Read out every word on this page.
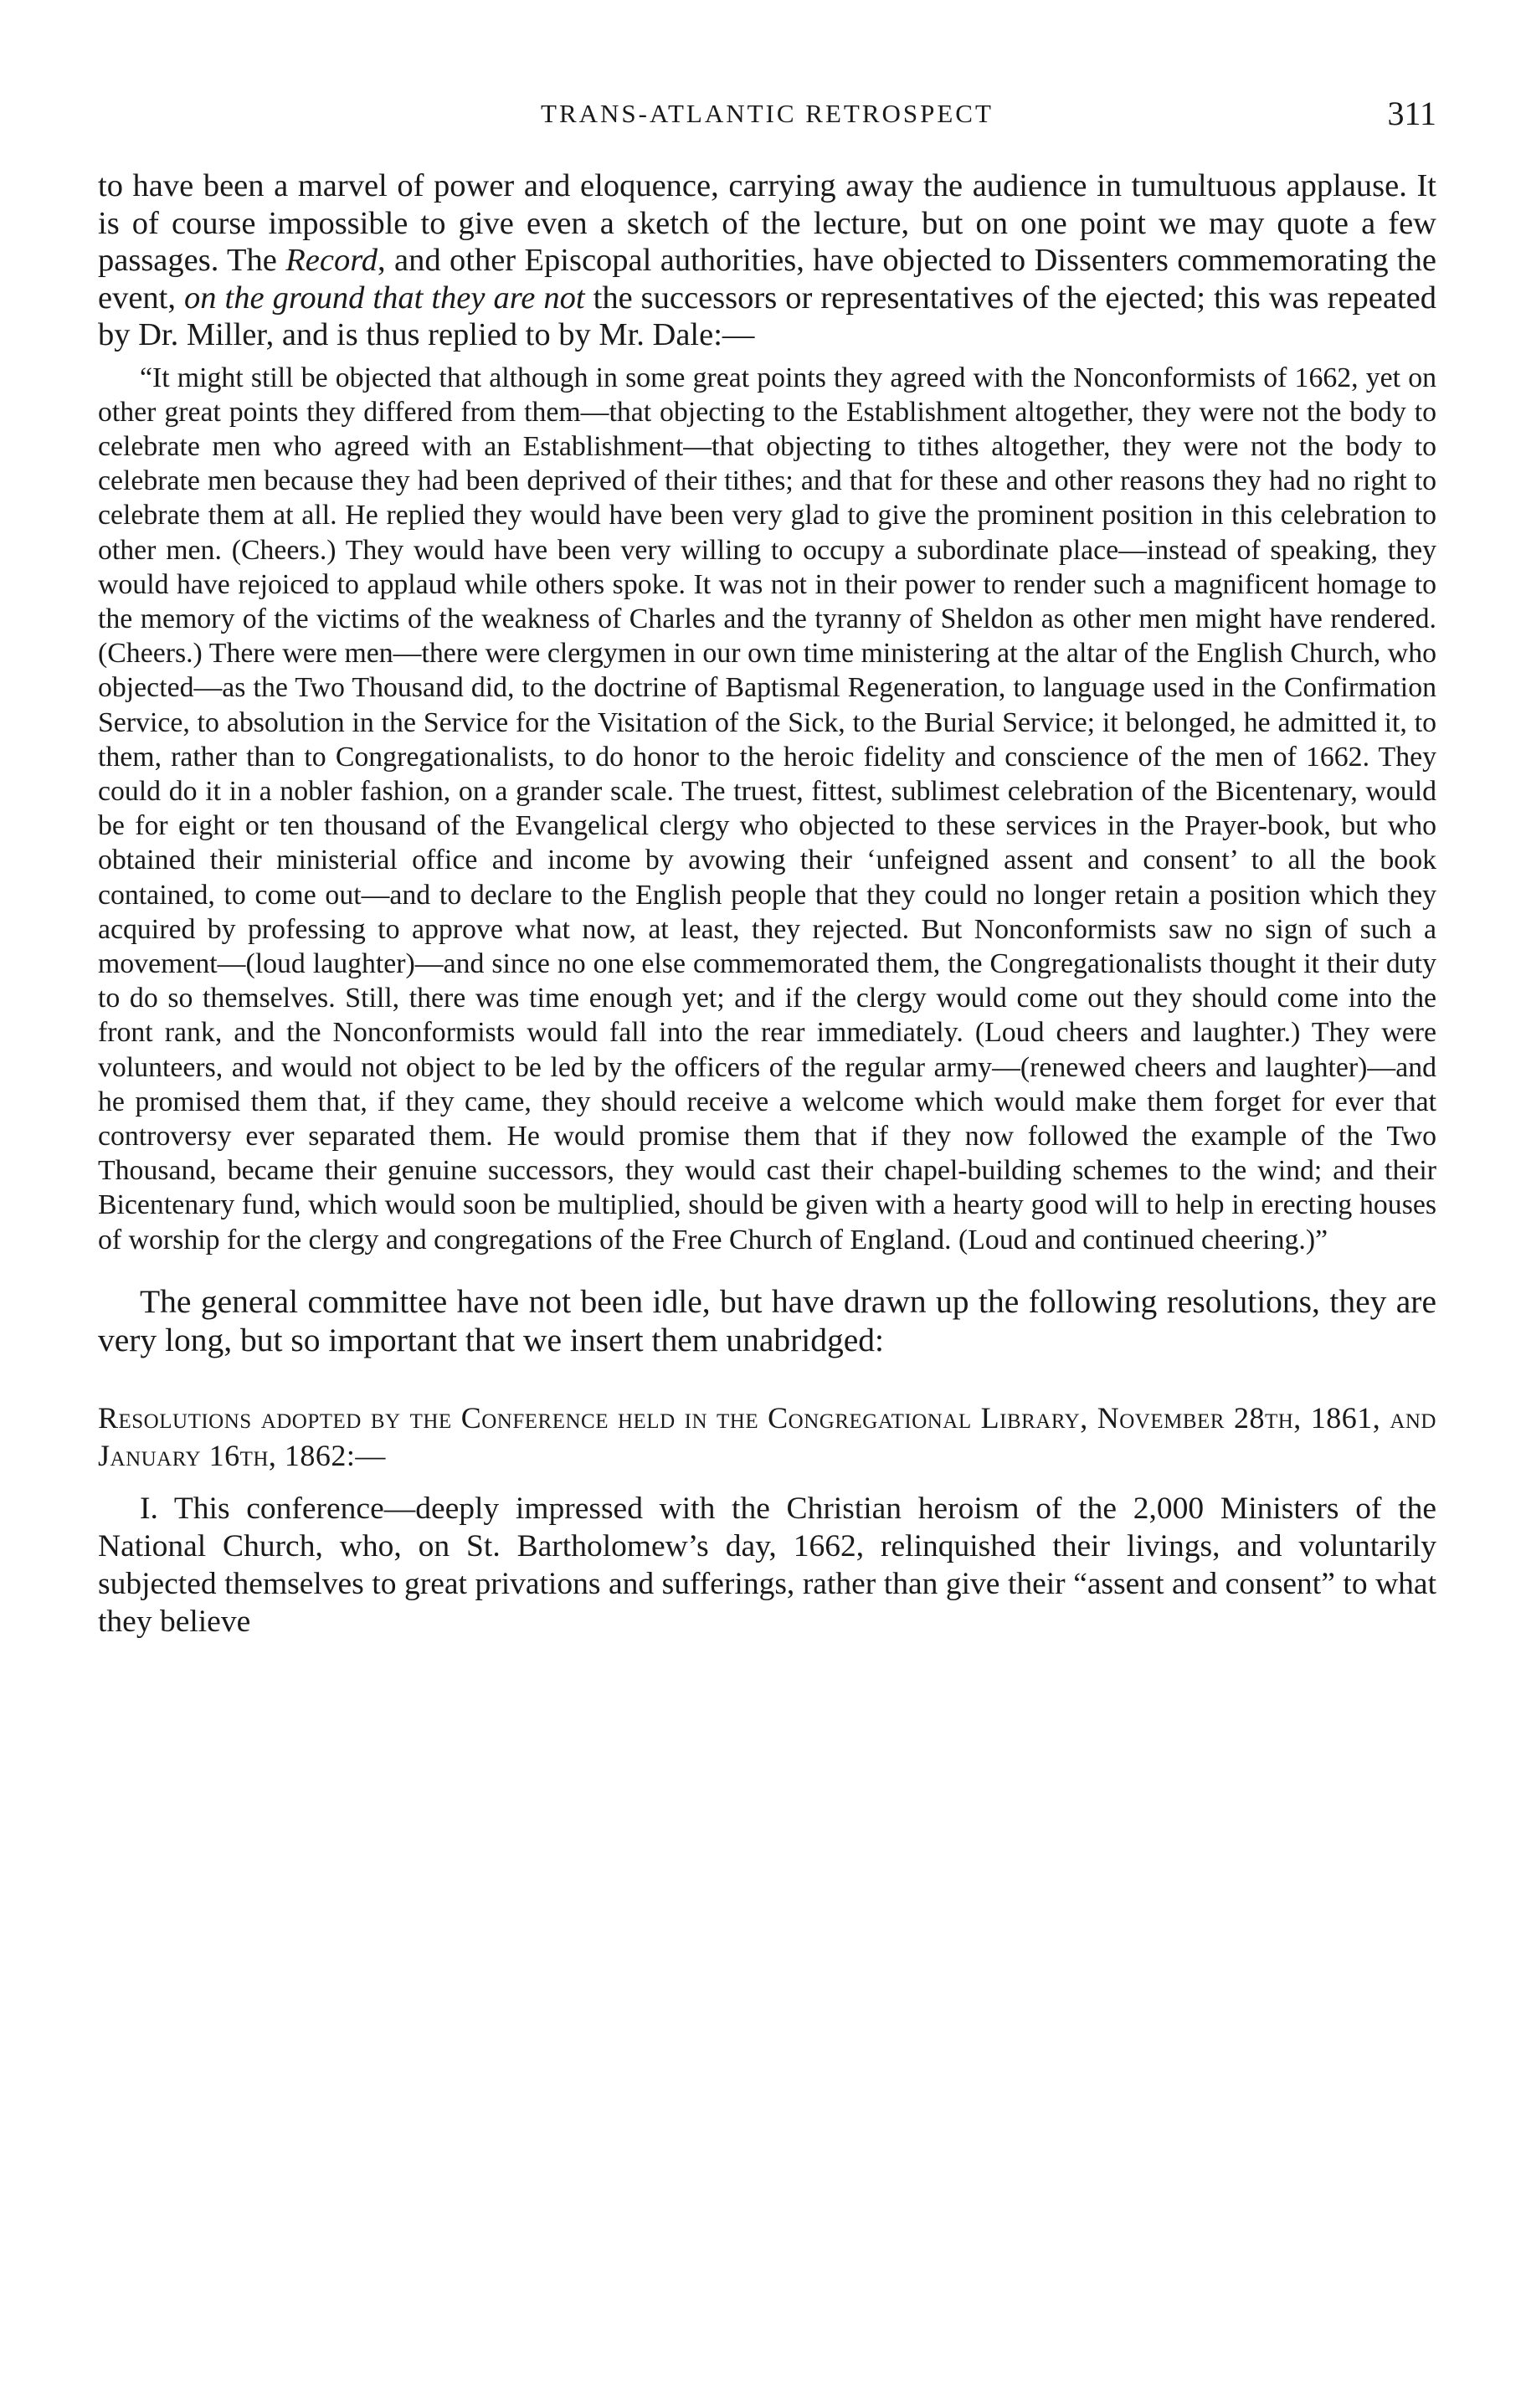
TRANS-ATLANTIC RETROSPECT	311

to have been a marvel of power and eloquence, carrying away the audience in tumultuous applause. It is of course impossible to give even a sketch of the lecture, but on one point we may quote a few passages. The Record, and other Episcopal authorities, have objected to Dissenters commemorating the event, on the ground that they are not the successors or representatives of the ejected; this was repeated by Dr. Miller, and is thus replied to by Mr. Dale:—

“It might still be objected that although in some great points they agreed with the Nonconformists of 1662, yet on other great points they differed from them—that objecting to the Establishment altogether, they were not the body to celebrate men who agreed with an Establishment—that objecting to tithes altogether, they were not the body to celebrate men because they had been deprived of their tithes; and that for these and other reasons they had no right to celebrate them at all. He replied they would have been very glad to give the prominent position in this celebration to other men. (Cheers.) They would have been very willing to occupy a subordinate place—instead of speaking, they would have rejoiced to applaud while others spoke. It was not in their power to render such a magnificent homage to the memory of the victims of the weakness of Charles and the tyranny of Sheldon as other men might have rendered. (Cheers.) There were men—there were clergymen in our own time ministering at the altar of the English Church, who objected—as the Two Thousand did, to the doctrine of Baptismal Regeneration, to language used in the Confirmation Service, to absolution in the Service for the Visitation of the Sick, to the Burial Service; it belonged, he admitted it, to them, rather than to Congregationalists, to do honor to the heroic fidelity and conscience of the men of 1662. They could do it in a nobler fashion, on a grander scale. The truest, fittest, sublimest celebration of the Bicentenary, would be for eight or ten thousand of the Evangelical clergy who objected to these services in the Prayer-book, but who obtained their ministerial office and income by avowing their ‘unfeigned assent and consent’ to all the book contained, to come out—and to declare to the English people that they could no longer retain a position which they acquired by professing to approve what now, at least, they rejected. But Nonconformists saw no sign of such a movement—(loud laughter)—and since no one else commemorated them, the Congregationalists thought it their duty to do so themselves. Still, there was time enough yet; and if the clergy would come out they should come into the front rank, and the Nonconformists would fall into the rear immediately. (Loud cheers and laughter.) They were volunteers, and would not object to be led by the officers of the regular army—(renewed cheers and laughter)—and he promised them that, if they came, they should receive a welcome which would make them forget for ever that controversy ever separated them. He would promise them that if they now followed the example of the Two Thousand, became their genuine successors, they would cast their chapel-building schemes to the wind; and their Bicentenary fund, which would soon be multiplied, should be given with a hearty good will to help in erecting houses of worship for the clergy and congregations of the Free Church of England. (Loud and continued cheering.)”

The general committee have not been idle, but have drawn up the following resolutions, they are very long, but so important that we insert them unabridged:

Resolutions adopted by the Conference held in the Congregational Library, November 28th, 1861, and January 16th, 1862:—

I. This conference—deeply impressed with the Christian heroism of the 2,000 Ministers of the National Church, who, on St. Bartholomew’s day, 1662, relinquished their livings, and voluntarily subjected themselves to great privations and sufferings, rather than give their “assent and consent” to what they believe
